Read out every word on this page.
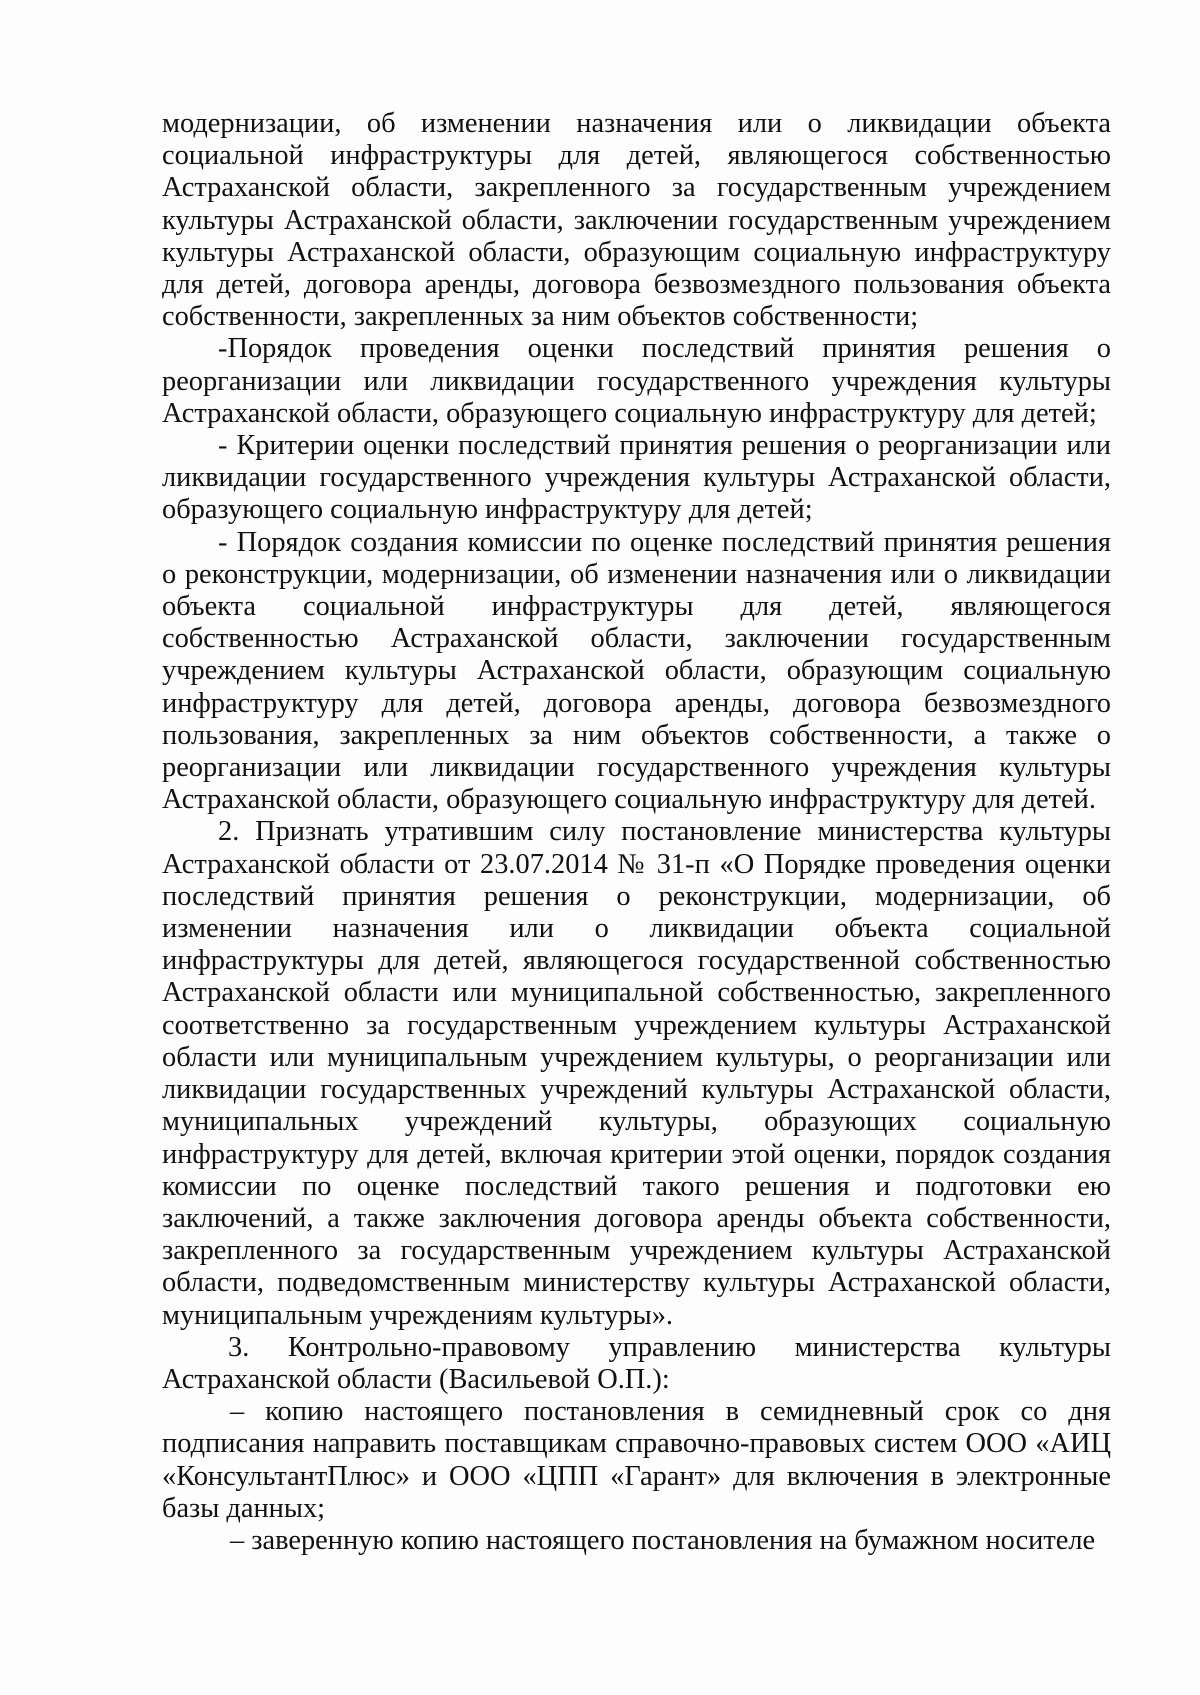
модернизации, об изменении назначения или о ликвидации объекта социальной инфраструктуры для детей, являющегося собственностью Астраханской области, закрепленного за государственным учреждением культуры Астраханской области, заключении государственным учреждением культуры Астраханской области, образующим социальную инфраструктуру для детей, договора аренды, договора безвозмездного пользования объекта собственности, закрепленных за ним объектов собственности;

-Порядок проведения оценки последствий принятия решения о реорганизации или ликвидации государственного учреждения культуры Астраханской области, образующего социальную инфраструктуру для детей;

- Критерии оценки последствий принятия решения о реорганизации или ликвидации государственного учреждения культуры Астраханской области, образующего социальную инфраструктуру для детей;

- Порядок создания комиссии по оценке последствий принятия решения о реконструкции, модернизации, об изменении назначения или о ликвидации объекта социальной инфраструктуры для детей, являющегося собственностью Астраханской области, заключении государственным учреждением культуры Астраханской области, образующим социальную инфраструктуру для детей, договора аренды, договора безвозмездного пользования, закрепленных за ним объектов собственности, а также о реорганизации или ликвидации государственного учреждения культуры Астраханской области, образующего социальную инфраструктуру для детей.

2. Признать утратившим силу постановление министерства культуры Астраханской области от 23.07.2014 № 31-п «О Порядке проведения оценки последствий принятия решения о реконструкции, модернизации, об изменении назначения или о ликвидации объекта социальной инфраструктуры для детей, являющегося государственной собственностью Астраханской области или муниципальной собственностью, закрепленного соответственно за государственным учреждением культуры Астраханской области или муниципальным учреждением культуры, о реорганизации или ликвидации государственных учреждений культуры Астраханской области, муниципальных учреждений культуры, образующих социальную инфраструктуру для детей, включая критерии этой оценки, порядок создания комиссии по оценке последствий такого решения и подготовки ею заключений, а также заключения договора аренды объекта собственности, закрепленного за государственным учреждением культуры Астраханской области, подведомственным министерству культуры Астраханской области, муниципальным учреждениям культуры».

3. Контрольно-правовому управлению министерства культуры Астраханской области (Васильевой О.П.):

– копию настоящего постановления в семидневный срок со дня подписания направить поставщикам справочно-правовых систем ООО «АИЦ «КонсультантПлюс» и ООО «ЦПП «Гарант» для включения в электронные базы данных;

– заверенную копию настоящего постановления на бумажном носителе
